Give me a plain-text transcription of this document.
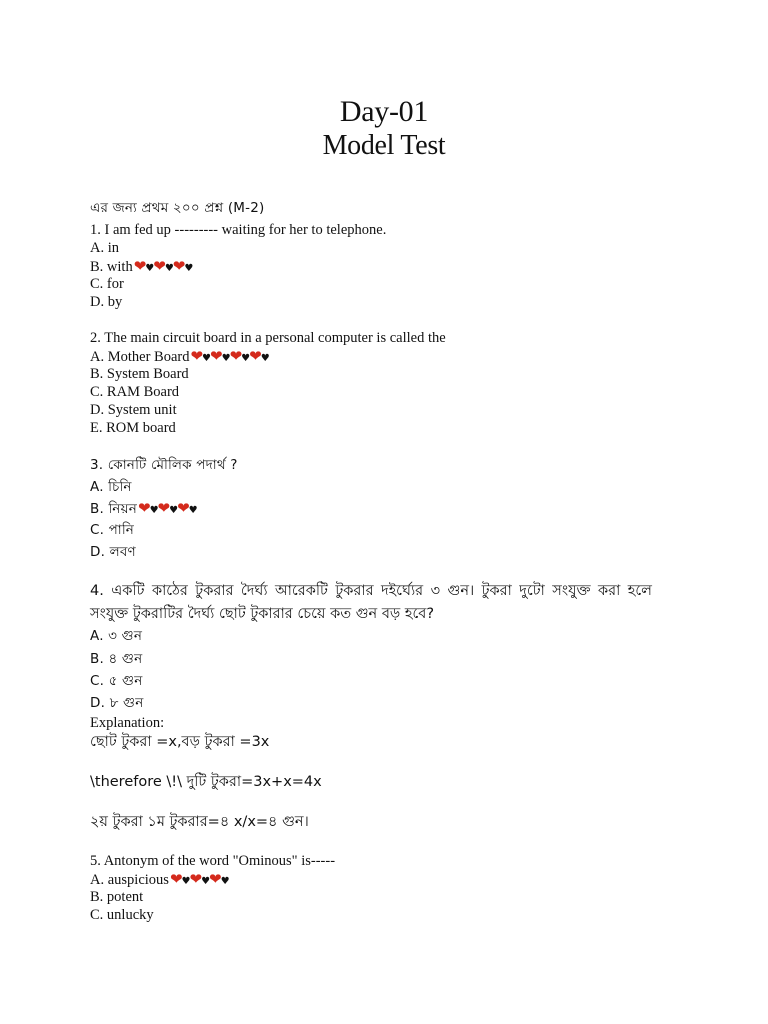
Day-01
Model Test
এর জন্য প্রথম ২০০ প্রশ্ন (M-2)
1. I am fed up --------- waiting for her to telephone.
A. in
B. with❤♥❤♥❤♥
C. for
D. by
2. The main circuit board in a personal computer is called the
A. Mother Board❤♥❤♥❤♥❤♥
B. System Board
C. RAM Board
D. System unit
E. ROM board
3. কোনটি মৌলিক পদার্থ ?
A. চিনি
B. নিয়ন❤♥❤♥❤♥
C. পানি
D. লবণ
4. একটি কাঠের টুকরার দৈর্ঘ্য আরেকটি টুকরার দইর্ঘ্যের ৩ গুন। টুকরা দুটো সংযুক্ত করা হলে
সংযুক্ত টুকরাটির দৈর্ঘ্য ছোট টুকারার চেয়ে কত গুন বড় হবে?
A. ৩ গুন
B. ৪ গুন
C. ৫ গুন
D. ৮ গুন
Explanation:
ছোট টুকরা =x,বড় টুকরা =3x
\therefore \!\ দুটি টুকরা=3x+x=4x
২য় টুকরা ১ম টুকরার=৪ x/x=৪ গুন।
5. Antonym of the word "Ominous" is-----
A. auspicious❤♥❤♥❤♥
B. potent
C. unlucky
